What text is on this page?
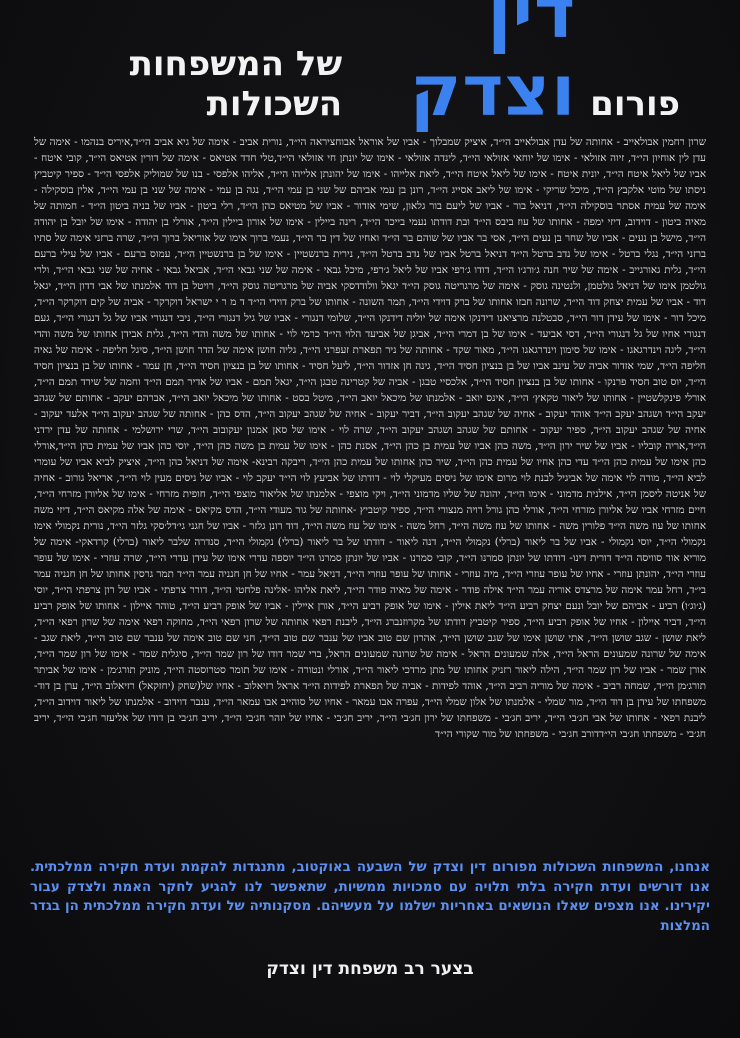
פורום
דין וצדק
של המשפחות השכולות
שרון רחמין אבולאייב - אחותה של עדן אבולאייב הי״ד, איציק שמבלוך - אביו של אוראל אבוחציראה הי״ד, נורית אביב - אימה של גיא אביב הי״ד,איריס בנהמו - אימה של עדן לין אוחיון הי״ד, זיוה אזולאי - אימו של יוחאי אזולאי הי״ד, לינדה אזולאי - אימו של יונתן חי אזולאי הי״ד,טלי חדד אטיאס - אימה של דורין אטיאס הי״ד, קובי איטח - אביו של ליאל איטח הי״ד, יונית איטח - אימו של ליאל איטח הי״ד, ליאת אלייהו - אימו של יהונתן אלייהו הי״ד, אליהו אלפסי - בנו של שמוליק אלפסי הי״ד - ספיר קיטביץ ניסתו של מוטי אלקבץ הי״ד, מיכל שריקי - אימו של ליאב אסייג הי״ד, רונן בן עמי אביהם של שני בן עמי הי״ד, נגה בן עמי - אימה של שני בן עמי הי״ד, אלין בוסקילה - אימה של עמית אסתר בוסקילה הי״ד, דניאל בור - אביו של ליעם בור גלאון, שימי אזדור - אביו של מטיאס כהן הי״ד, רלי ביטון - אביו של בניה ביטון הי״ד - חמותה של מאיה ביטון - דוידוב, דיזי ימפה - אחותו של עוז ביבס הי״ד ובת דודתו נעמי בייכר הי״ד, רינה ביילין - אימו של אורון ביילין הי״ד, אורלי בן יהודה - אימו של יובל בן יהודה הי״ד, מישל בן נעים - אביו של שחר בן נעים הי״ד, אסי בר אביו של שוהם בר הי״ד ואחיו של דין בר הי״ד, נעמי ברוך אימו של אוריאל ברוך הי״ד, שרה ברזני אימה של סתיו ברזני הי״ד, נגלי ברטל - אימו של נדב ברטל הי״ד דניאל ברטל אביו של נדב ברטל הי״ד, נירית ברנשטיין - אימו של בן ברנשטיין הי״ד, עמוס ברעם - אביו של עילי ברעם הי״ד, גלית גאורגייב - אימה של שיר חנה ג׳ורג׳ו הי״ד, דודו ג׳רפי אביו של ליאל ג׳רפי, מיכל גבאי - אימה של שני גבאי הי״ד, אביאל גבאי - אחיה של שני גבאי הי״ד, ולרי גולטמן אימו של דניאל גולטמן, ולנטינה גוסק - אימה של מרגריטה גוסק הי״ד יגאל וולודדסקי אביה של מרגריטה גוסק הי״ד, רויטל בן דוד אלמנתו של אבי דדון הי״ד, יגאל דוד - אביו של עמית יצחק דוד הי״ד, שרונה חבזו אחותו של ברק דוידי הי״ד, תמר השונה - אחותו של ברק דוידי הי״ד ד מ ר י ישראל דוקרקר - אביה של קים דוקרקר הי״ד, מיכל דור - אימו של עידן דור הי״ד, סבטלנה מרציאנו דידנקו אימה של יוליה דידנקו הי״ד, שלומי דנגורי - אביו של גיל דנגורי הי״ד, ניבי דנגורי אביו של גל דנגורי הי״ד, געם דנגורי אחיו של גל דנגורי הי״ד, דסי אביעד - אימו של בן דמרי הי״ד, אביגן של אביעד הלוי הי״ד כרמי לוי - אחותו של משה והדי הי״ד, גלית אבידן אחותו של משה והדי הי״ד, ליגה וינדרגאגו - אימו של סימון וינדרגאגו הי״ד, מאור שקד - אחותה של ניר תפארת זעפרני הי״ד, גליה חושן אימה של הדר חושן הי״ד, סיגל חליפה - אימה של גאיה חליפה הי״ד, שמי אזדור אביה של עינב אביו של בן בנציון חסיד הי״ד, גינה חן אזדור הי״ד, ליעל חסיד - אחותו של בן בנציון חסיד הי״ד, חן עמר - אחותו של בן בנציון חסיד הי״ד, יוס טוב חסיד פרנקו - אחותו של בן בנציון חסיד הי״ד, אלכסיי טבגן - אביה של קטרינה טבגן הי״ד, יגאל תמם - אביו של אדיר תמם הי״ד וחמה של שירד תמם הי״ד, אורלי פינקלשטיין - אחותו של ליאור טקאץ׳ הי״ד, אינס יואב - אלמנתו של מיכאל יואב הי״ד, מיטל בסט - אחותו של מיכאל יואב הי״ד, אברהם יעקב - אחותם של שגהב יעקב הי״ד ושגהב יעקב הי״ד אוהד יעקוב - אחיה של שגהב יעקוב הי״ד, דביר יעקוב - אחיה של שגהב יעקוב הי״ד, הדס כהן - אחותה של שגהב יעקוב הי״ד אלעד יעקוב - אחיה של שגהב יעקוב הי״ד, ספיר יעקוב - אחותם של שגהב ושגהב יעקוב הי״ד, שרה לוי - אימו של סאן אמנון יעקובוב הי״ד, שרי ירושלמי - אחותה של עדן ירדני הי״ד,אריה קובליו - אביו של שיר ירון הי״ד, משה כהן אביו של עמית בן כהן הי״ד, אסנת כהן - אימו של עמית בן משה כהן הי״ד, יוסי כהן אביו של עמית כהן הי״ד,אורלי כהן אימו של עמית כהן הי״ד עדי כהן אחיו של עמית כהן הי״ד, שיר כהן אחותו של עמית כהן הי״ד, ריבקה רבינא- אימה של דניאל כהן הי״ד, איציק לביא אביו של עומרי לביא הי״ד, מורה לוי אימה של אביגיל לבנת לוי מרום אימו של ניסים מעיקלי לוי - דודתו של אביעץ לוי הי״ד יעקב לוי - אביו של ניסים מעין לוי הי״ד, אריאל גורוב - אחיה של אניטה ליסמן הי״ד, אילנית מדמוני - אימו הי״ד, יהונה של שליו מדמוני הי״ד, ויקי מוצפי - אלמנתו של אליאור מוצפי הי״ד, חופית מזרחי - אימו של אליורן מזרחי הי״ד, חיים מזרחי אביו של אליורן מזרחי הי״ד, אורלי כהן גורל רויה מנצורי הי״ד, ספיר קיטביץ -אחותה של גור מעודי הי״ד, הדס מקיאס - אימה של אלה מקיאס הי״ד, דיזי משה אחותו של עוז משה הי״ד פלורין משה - אחותו של עוז משה הי״ד, רחל משה - אימו של עוז משה הי״ד, דוד רונן גלזר - אביו של חגני גי׳דל׳סקי גלזר הי״ד, נורית נקמולי אימו נקמולי הי״ד, יוסי נקמולי - אביו של בר ליאור (ברלי) נקמולי הי״ד, דנה ליאור - דודתו של בר ליאור (ברלי) נקמולי הי״ד, סנדרה שלבר ליאור (ברלי) קרדאקי- אימה של מוריא אור סוויסה הי״ד דורית דינו- דודתו של יונתן סמרנו הי״ד, קובי סמרנו - אביו של יונתן סמרנו הי״ד יוספה עדרי אימו של עידן עדרי הי״ד, שרה עוזרי - אימו של עופר עוזרי הי״ד, יהונתן עוזרי - אחיו של עופר עוזרי הי״ד, מיה עוזרי - אחותו של עופר עוזרי הי״ד, דניאל עמר - אחיו של חן חנניה עמר הי״ד תמר גרסין אחותו של חן חנניה עמר בי״ד, רחל עמר אימה של מרצדס אוריה עמר הי״ד אילה פודר - אימה של מאיה פודר הי״ד, ליאת אליהו -אלינה פלחטי הי״ד, דורר צרפתי - אביו של רון צרפתי הי״ד, יוסי (ג׳וג׳ו) רביע - אביהם של יובל ונעם יצחק רביע הי״ד ליאת אילין - אימו של אופק רביע הי״ד, אורן איילין - אביו של אופק רביע הי״ד, טוהר איילון - אחותו של אופק רביע הי״ד, דביר איילון - אחיו של אופק רביע הי״ד, ספיר קיטביץ דודתו של מקרוזנברג הי״ד, ליבנת רפאי אחותה של שרון רפאי הי״ד, מחוקה רפאי אימה של שרון רפאי הי״ד, ליאת שושן - שגב שושן הי״ד, אתי שושן אימו של שגב שושן הי״ד, אהרון שם טוב אביו של ענבר שם טוב הי״ד, חני שם טוב אימה של ענבר שם טוב הי״ד, ליאת שגב - אימה של שרונה שמעונים הראל הי״ד, אלה שמעונים הראל - אימה של שרונה שמעונים הראל, ברי שמר דודו של רון שמר הי״ד, סיגלית שמר - אימו של רון שמר הי״ד, אורן שמר - אביו של רון שמר הי״ד, הילה ליאור רזניק אחותו של מתן מרדכי ליאור הי״ד, אורלי ונטורה - אימו של תומר סטרוסטה הי״ד, מוניק תורג׳מן - אימו של אביתר תורג׳מן הי״ד, שמחה רביב - אימה של מוריה רביב הי״ד, אוהד לפידות - אביה של תפארת לפידות הי״ד אראל רזיאלוב - אחיו של(שחק (יחזקאל) רזיאלוב הי״ד, ערן בן דוד- משפחתו של עידן בן דוד הי״ד, מור שמלי - אלמנתו של אלון שמלי הי״ד, עפרה אבו עמאר - אחיו של סוהייב אבו עמאר הי״ד, ענבר דוידוב - אלמנתו של ליאור דוידוב הי״ד, ליבנת רפאי - אחותו של אבי חג׳בי הי״ד, יריב חג׳בי - משפחתו של ירון חג׳בי הי״ד, יריב חג׳בי - אחיו של יזהר חג׳בי הי״ד, יריב חג׳בי בן דודו של אליעזר חג׳בי הי״ד, יריב חג׳בי - משפחתו חג׳בי הי״דדורב חג׳בי - משפחתו של מור שקורי הי״ד
אנחנו, המשפחות השכולות מפורום דין וצדק של השבעה באוקטוב, מתנגדות להקמת ועדת חקירה ממלכתית. אנו דורשים ועדת חקירה בלתי תלויה עם סמכויות ממשיות, שתאפשר לנו להגיע לחקר האמת ולצדק עבור יקירינו. אנו מצפים שאלו הנושאים באחריות ישלמו על מעשיהם. מסקנותיה של ועדת חקירה ממלכתית הן בגדר המלצות
בצער רב משפחת דין וצדק
